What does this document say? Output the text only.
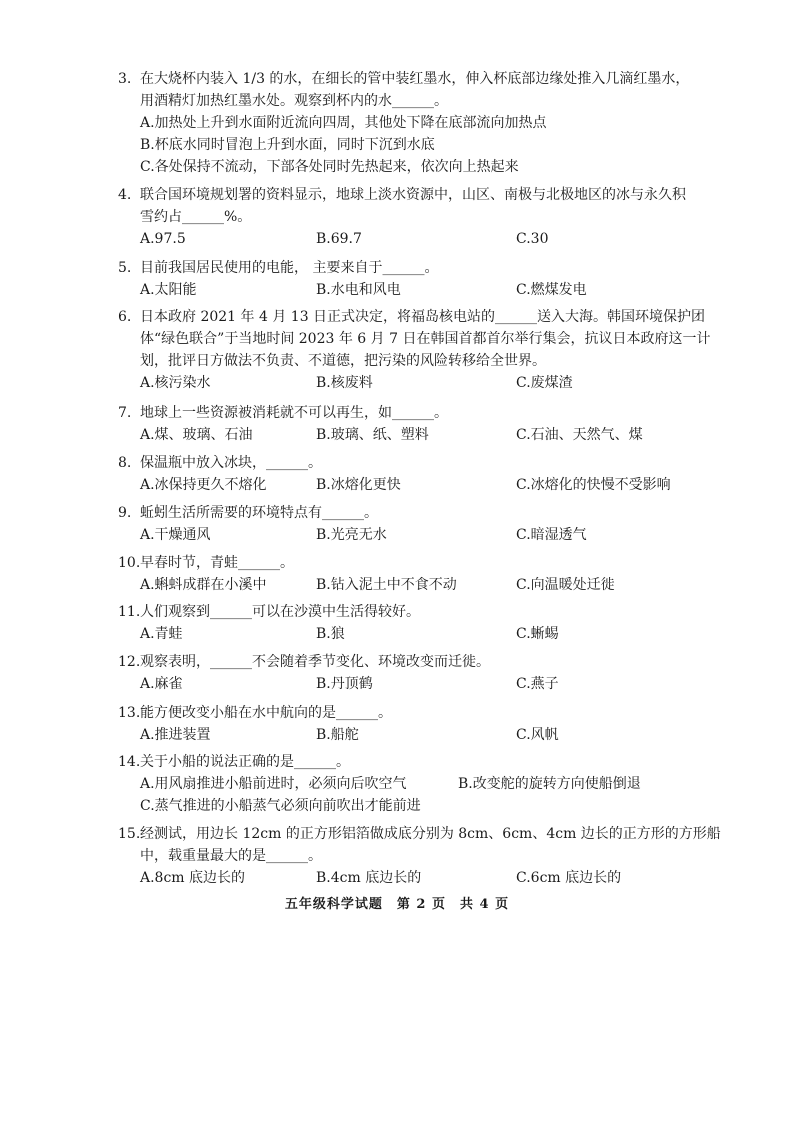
3. 在大烧杯内装入 1/3 的水，在细长的管中装红墨水，伸入杯底部边缘处推入几滴红墨水，
用酒精灯加热红墨水处。观察到杯内的水______。
A.加热处上升到水面附近流向四周，其他处下降在底部流向加热点
B.杯底水同时冒泡上升到水面，同时下沉到水底
C.各处保持不流动，下部各处同时先热起来，依次向上热起来
4. 联合国环境规划署的资料显示，地球上淡水资源中，山区、南极与北极地区的冰与永久积
雪约占______%。
A.97.5	B.69.7	C.30
5. 目前我国居民使用的电能， 主要来自于______。
A.太阳能	B.水电和风电	C.燃煤发电
6. 日本政府 2021 年 4 月 13 日正式决定，将福岛核电站的______送入大海。韩国环境保护团
体“绿色联合”于当地时间 2023 年 6 月 7 日在韩国首都首尔举行集会，抗议日本政府这一计
划，批评日方做法不负责、不道德，把污染的风险转移给全世界。
A.核污染水	B.核废料	C.废煤渣
7. 地球上一些资源被消耗就不可以再生，如______。
A.煤、玻璃、石油	B.玻璃、纸、塑料	C.石油、天然气、煤
8. 保温瓶中放入冰块，______。
A.冰保持更久不熔化	B.冰熔化更快	C.冰熔化的快慢不受影响
9. 蚯蚓生活所需要的环境特点有______。
A.干燥通风	B.光亮无水	C.暗湿透气
10. 早春时节，青蛙______。
A.蝌蚪成群在小溪中	B.钻入泥土中不食不动	C.向温暖处迁徙
11. 人们观察到______可以在沙漠中生活得较好。
A.青蛙	B.狼	C.蜥蜴
12. 观察表明，______不会随着季节变化、环境改变而迁徙。
A.麻雀	B.丹顶鹤	C.燕子
13. 能方便改变小船在水中航向的是______。
A.推进装置	B.船舵	C.风帆
14. 关于小船的说法正确的是______。
A.用风扇推进小船前进时，必须向后吹空气	B.改变舵的旋转方向使船倒退
C.蒸气推进的小船蒸气必须向前吹出才能前进
15. 经测试，用边长 12cm 的正方形铝箔做成底分别为 8cm、6cm、4cm 边长的正方形的方形船
中，载重量最大的是______。
A.8cm 底边长的	B.4cm 底边长的	C.6cm 底边长的
五年级科学试题　第 2 页　共 4 页
